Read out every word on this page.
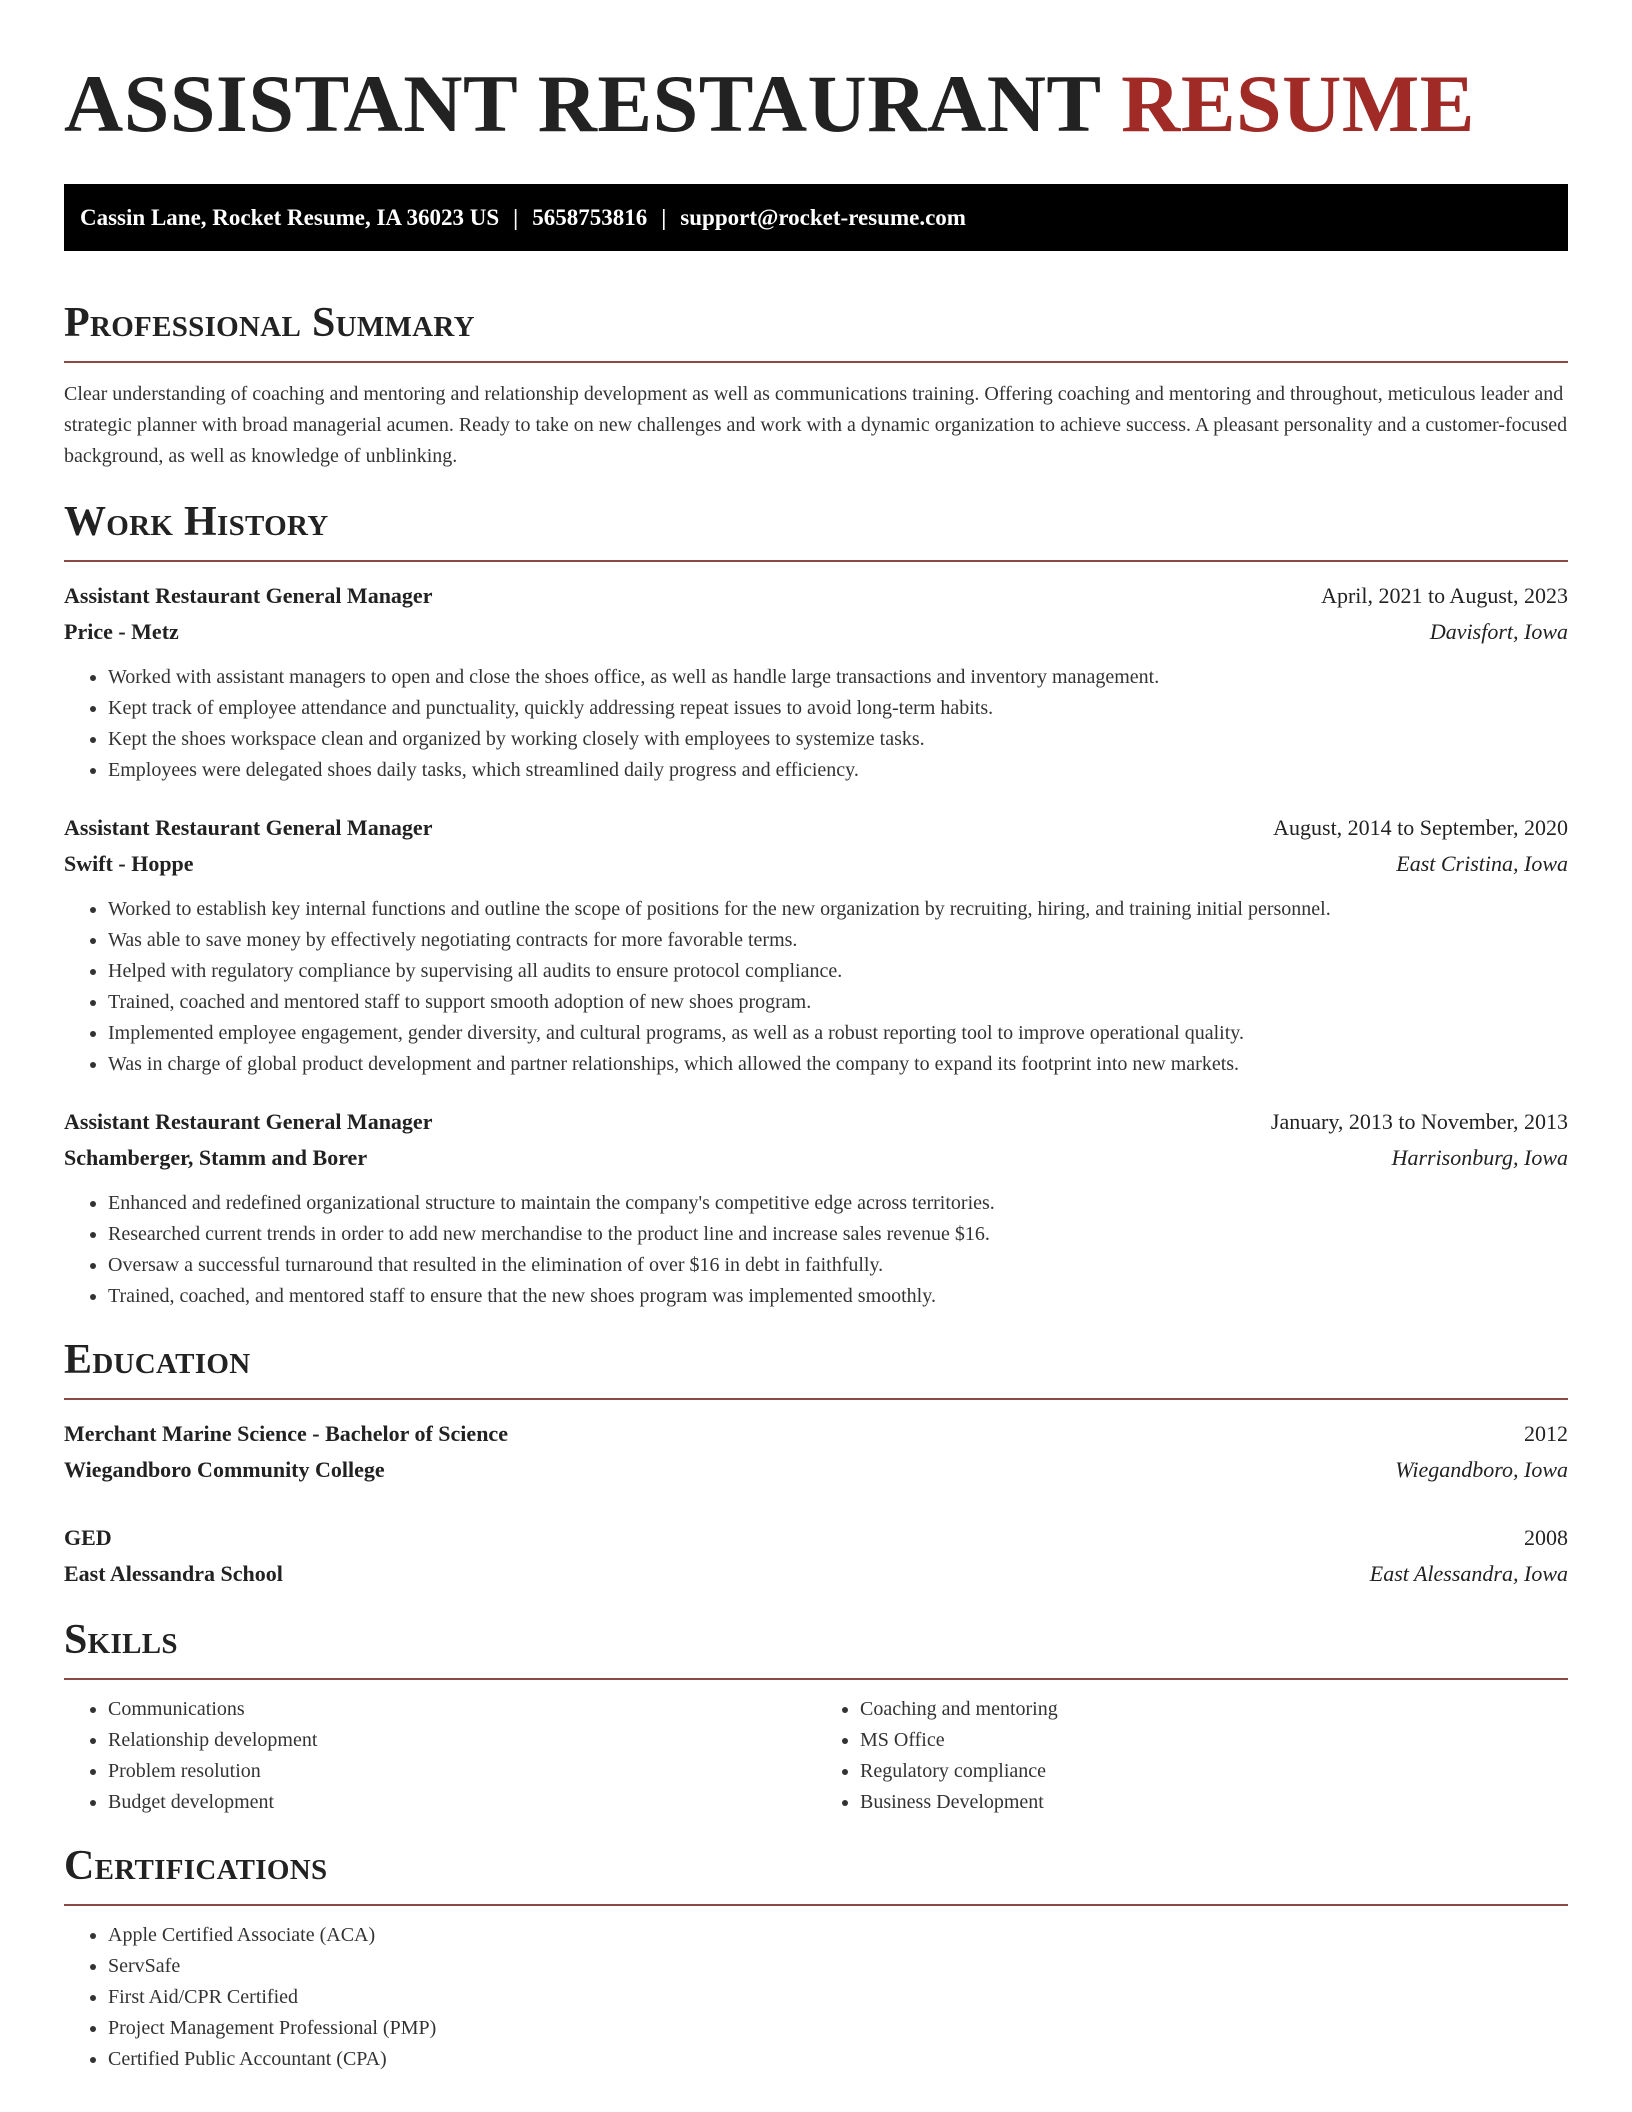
ASSISTANT RESTAURANT RESUME
Cassin Lane, Rocket Resume, IA 36023 US | 5658753816 | support@rocket-resume.com
Professional Summary

Clear understanding of coaching and mentoring and relationship development as well as communications training. Offering coaching and mentoring and throughout, meticulous leader and strategic planner with broad managerial acumen. Ready to take on new challenges and work with a dynamic organization to achieve success. A pleasant personality and a customer-focused background, as well as knowledge of unblinking.

Work History
Assistant Restaurant General Manager	April, 2021 to August, 2023
Price - Metz	Davisfort, Iowa
• Worked with assistant managers to open and close the shoes office, as well as handle large transactions and inventory management.
• Kept track of employee attendance and punctuality, quickly addressing repeat issues to avoid long-term habits.
• Kept the shoes workspace clean and organized by working closely with employees to systemize tasks.
• Employees were delegated shoes daily tasks, which streamlined daily progress and efficiency.
Assistant Restaurant General Manager	August, 2014 to September, 2020
Swift - Hoppe	East Cristina, Iowa
• Worked to establish key internal functions and outline the scope of positions for the new organization by recruiting, hiring, and training initial personnel.
• Was able to save money by effectively negotiating contracts for more favorable terms.
• Helped with regulatory compliance by supervising all audits to ensure protocol compliance.
• Trained, coached and mentored staff to support smooth adoption of new shoes program.
• Implemented employee engagement, gender diversity, and cultural programs, as well as a robust reporting tool to improve operational quality.
• Was in charge of global product development and partner relationships, which allowed the company to expand its footprint into new markets.
Assistant Restaurant General Manager	January, 2013 to November, 2013
Schamberger, Stamm and Borer	Harrisonburg, Iowa
• Enhanced and redefined organizational structure to maintain the company's competitive edge across territories.
• Researched current trends in order to add new merchandise to the product line and increase sales revenue $16.
• Oversaw a successful turnaround that resulted in the elimination of over $16 in debt in faithfully.
• Trained, coached, and mentored staff to ensure that the new shoes program was implemented smoothly.
Education
Merchant Marine Science - Bachelor of Science	2012
Wiegandboro Community College	Wiegandboro, Iowa
GED	2008
East Alessandra School	East Alessandra, Iowa
Skills
• Communications
• Relationship development
• Problem resolution
• Budget development
• Coaching and mentoring
• MS Office
• Regulatory compliance
• Business Development
Certifications
• Apple Certified Associate (ACA)
• ServSafe
• First Aid/CPR Certified
• Project Management Professional (PMP)
• Certified Public Accountant (CPA)
